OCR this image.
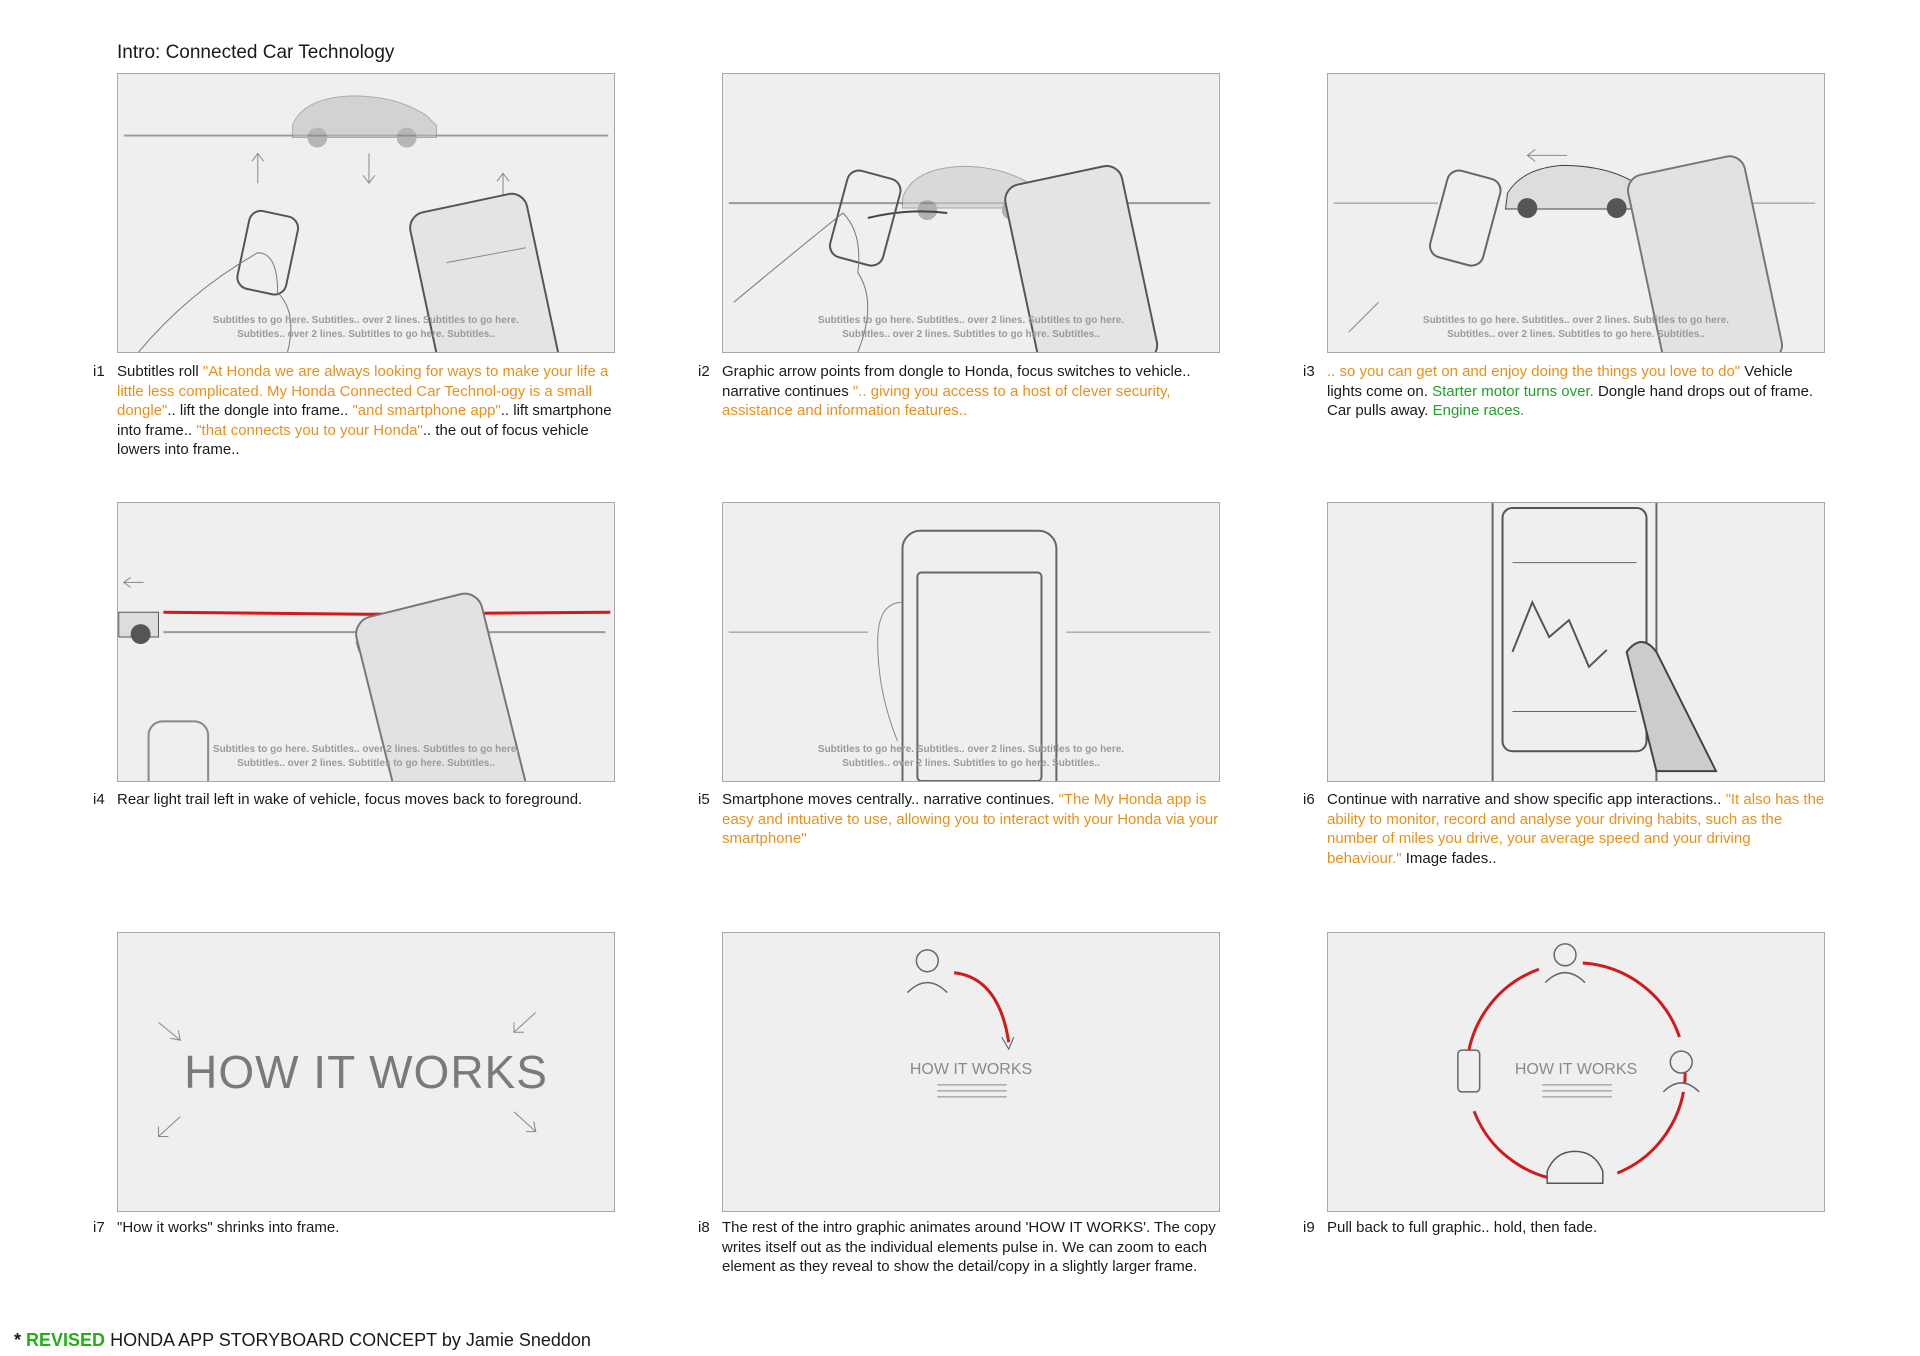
Intro: Connected Car Technology
Subtitles to go here. Subtitles.. over 2 lines. Subtitles to go here.
Subtitles.. over 2 lines. Subtitles to go here. Subtitles..
Subtitles to go here. Subtitles.. over 2 lines. Subtitles to go here.
Subtitles.. over 2 lines. Subtitles to go here. Subtitles..
Subtitles to go here. Subtitles.. over 2 lines. Subtitles to go here.
Subtitles.. over 2 lines. Subtitles to go here. Subtitles..
i1 Subtitles roll "At Honda we are always looking for ways to make your life a little less complicated. My Honda Connected Car Technol-ogy is a small dongle".. lift the dongle into frame.. "and smartphone app".. lift smartphone into frame.. "that connects you to your Honda".. the out of focus vehicle lowers into frame..
i2 Graphic arrow points from dongle to Honda, focus switches to vehicle.. narrative continues ".. giving you access to a host of clever security, assistance and information features..
i3 .. so you can get on and enjoy doing the things you love to do" Vehicle lights come on. Starter motor turns over. Dongle hand drops out of frame. Car pulls away. Engine races.
Subtitles to go here. Subtitles.. over 2 lines. Subtitles to go here.
Subtitles.. over 2 lines. Subtitles to go here. Subtitles..
Subtitles to go here. Subtitles.. over 2 lines. Subtitles to go here.
Subtitles.. over 2 lines. Subtitles to go here. Subtitles..
i4 Rear light trail left in wake of vehicle, focus moves back to foreground.	i5 Smartphone moves centrally.. narrative continues. "The My Honda app is easy and intuative to use, allowing you to interact with your Honda via your smartphone"
i6 Continue with narrative and show specific app interactions.. "It also has the ability to monitor, record and analyse your driving habits, such as the number of miles you drive, your average speed and your driving behaviour." Image fades..
HOW IT WORKS	HOW IT WORKS	HOW IT WORKS
i7 "How it works" shrinks into frame.	i8 The rest of the intro graphic animates around 'HOW IT WORKS'. The copy writes itself out as the individual elements pulse in. We can zoom to each element as they reveal to show the detail/copy in a slightly larger frame.
i9 Pull back to full graphic.. hold, then fade.
* REVISED HONDA APP STORYBOARD CONCEPT by Jamie Sneddon
